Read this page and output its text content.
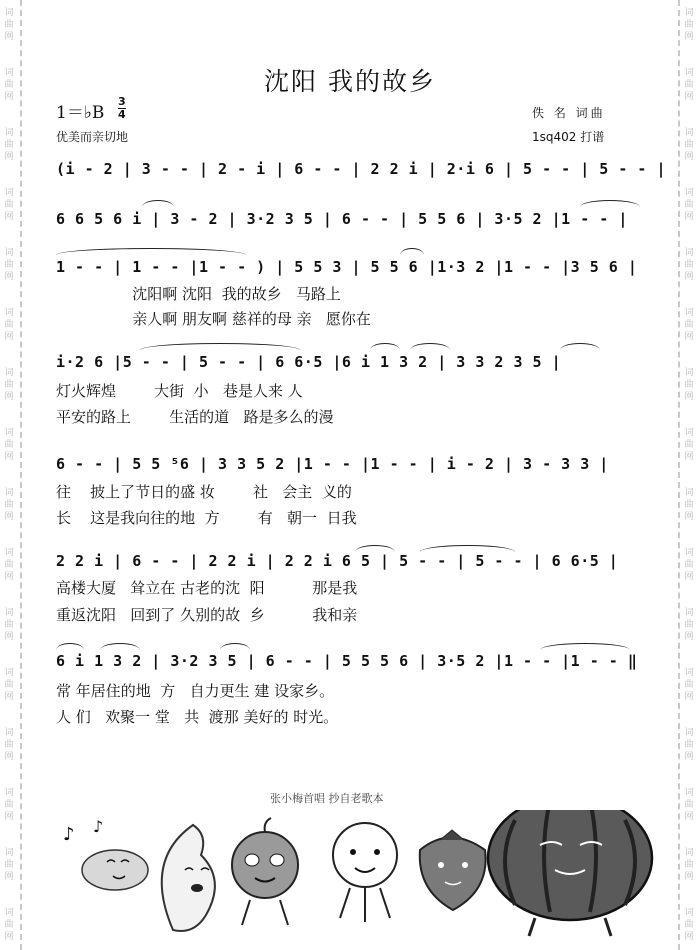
词
曲
网
词
曲
网
词
曲
网
词
曲
网
词
曲
网
词
曲
网
词
曲
网
词
曲
网
词
曲
网
词
曲
网
词
曲
网
词
曲
网
词
曲
网
词
曲
网
词
曲
网
词
曲
网
词
曲
网
词
曲
网
词
曲
网
词
曲
网
词
曲
网
词
曲
网
词
曲
网
词
曲
网
词
曲
网
词
曲
网
词
曲
网
词
曲
网
词
曲
网
词
曲
网
词
曲
网
词
曲
网
沈阳 我的故乡
1＝♭B $\frac{3}{4}$
优美而亲切地
佚 名 词曲
1sq402 打谱
(i - 2 | 3 - - | 2 - i | 6 - - | 2 2 i | 2·i 6 | 5 - - | 5 - - |
6 6 5 6 i | 3 - 2 | 3·2 3 5 | 6 - - | 5 5 6 | 3·5 2 |1 - - |
1 - - | 1 - - |1 - - ) | 5 5 3 | 5 5 6 |1·3 2 |1 - - |3 5 6 |
沈阳啊 沈阳  我的故乡   马路上
亲人啊 朋友啊 慈祥的母 亲   愿你在
i·2 6 |5 - - | 5 - - | 6 6·5 |6 i 1 3 2 | 3 3 2 3 5 |
灯火辉煌        大街  小   巷是人来 人
平安的路上        生活的道   路是多么的漫
6 - - | 5 5 ⁵6 | 3 3 5 2 |1 - - |1 - - | i - 2 | 3 - 3 3 |
往    披上了节日的盛 妆        社   会主  义的
长    这是我向往的地  方        有   朝一  日我
2 2 i | 6 - - | 2 2 i | 2 2 i 6 5 | 5 - - | 5 - - | 6 6·5 |
高楼大厦   耸立在 古老的沈  阳          那是我
重返沈阳   回到了 久别的故  乡          我和亲
6 i 1 3 2 | 3·2 3 5 | 6 - - | 5 5 5 6 | 3·5 2 |1 - - |1 - - ‖
常 年居住的地  方   自力更生 建 设家乡。
人 们   欢聚一 堂   共  渡那 美好的 时光。
张小梅首唱 抄自老歌本
♪ ♪
